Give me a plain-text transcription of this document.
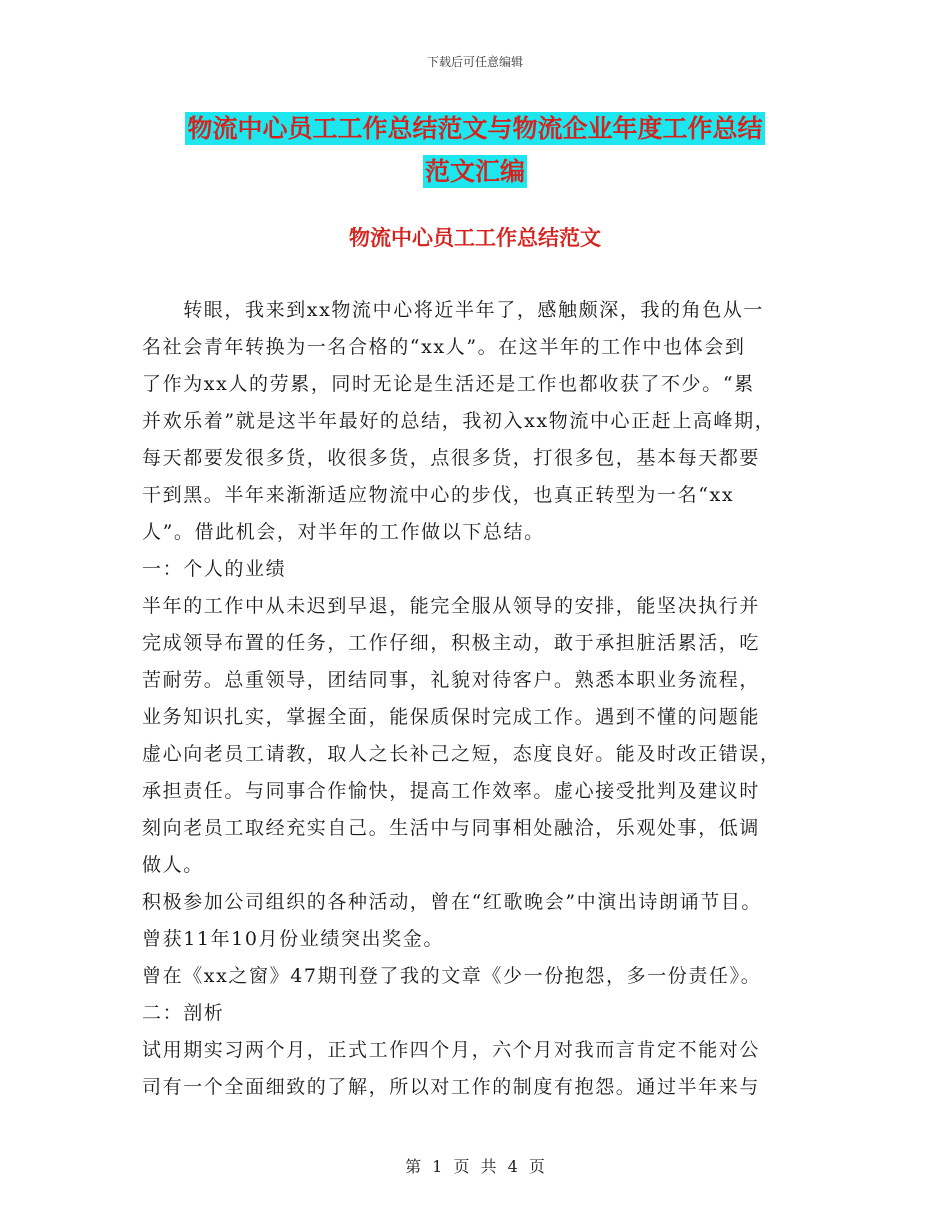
下载后可任意编辑
物流中心员工工作总结范文与物流企业年度工作总结
范文汇编
物流中心员工工作总结范文
　　转眼，我来到xx物流中心将近半年了，感触颇深，我的角色从一
名社会青年转换为一名合格的“xx人”。在这半年的工作中也体会到
了作为xx人的劳累，同时无论是生活还是工作也都收获了不少。“累
并欢乐着”就是这半年最好的总结，我初入xx物流中心正赶上高峰期，
每天都要发很多货，收很多货，点很多货，打很多包，基本每天都要
干到黑。半年来渐渐适应物流中心的步伐，也真正转型为一名“xx
人”。借此机会，对半年的工作做以下总结。
一：个人的业绩
半年的工作中从未迟到早退，能完全服从领导的安排，能坚决执行并
完成领导布置的任务，工作仔细，积极主动，敢于承担脏活累活，吃
苦耐劳。总重领导，团结同事，礼貌对待客户。熟悉本职业务流程，
业务知识扎实，掌握全面，能保质保时完成工作。遇到不懂的问题能
虚心向老员工请教，取人之长补己之短，态度良好。能及时改正错误，
承担责任。与同事合作愉快，提高工作效率。虚心接受批判及建议时
刻向老员工取经充实自己。生活中与同事相处融洽，乐观处事，低调
做人。
积极参加公司组织的各种活动，曾在“红歌晚会”中演出诗朗诵节目。
曾获11年10月份业绩突出奖金。
曾在《xx之窗》47期刊登了我的文章《少一份抱怨，多一份责任》。
二：剖析
试用期实习两个月，正式工作四个月，六个月对我而言肯定不能对公
司有一个全面细致的了解，所以对工作的制度有抱怨。通过半年来与
第 1 页 共 4 页
